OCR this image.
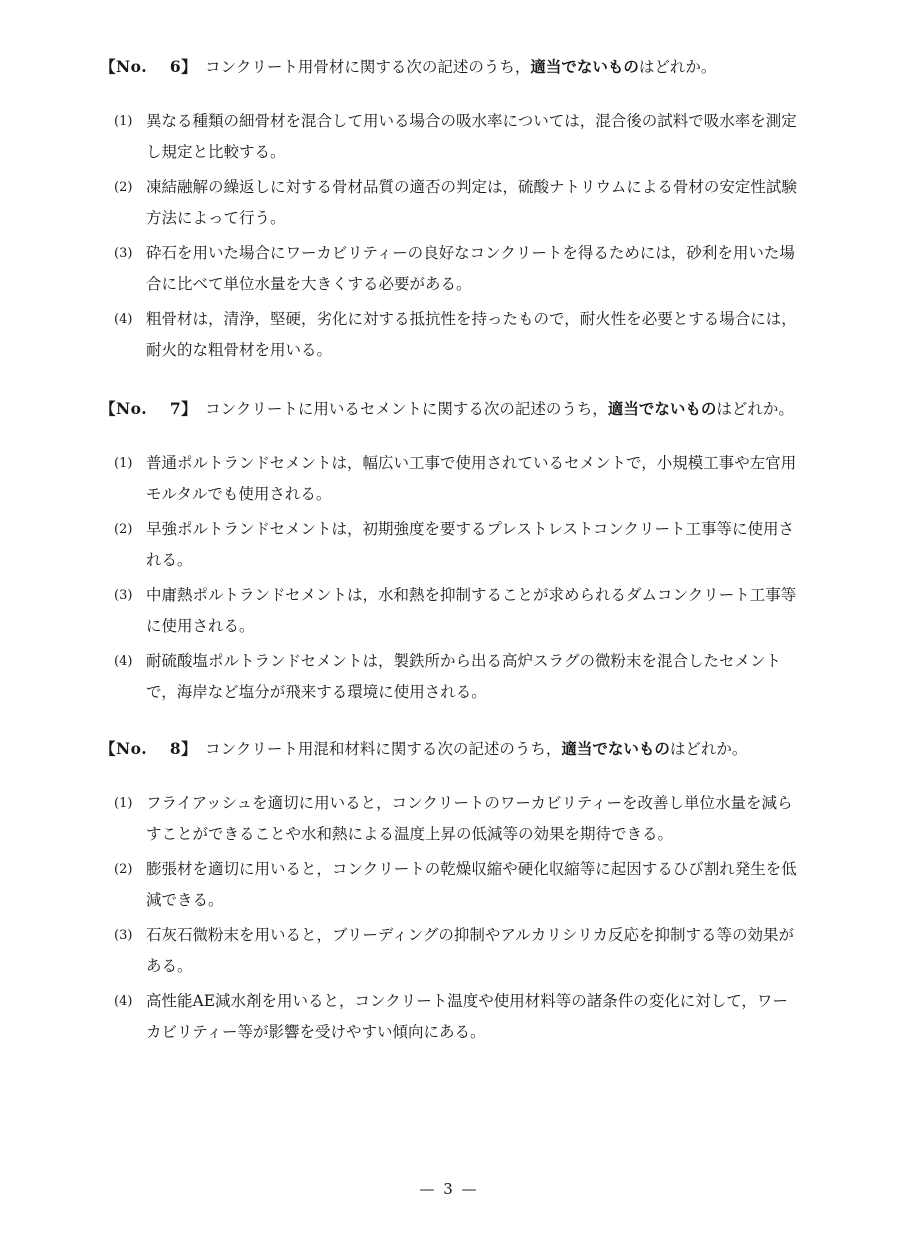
【No. 6】 コンクリート用骨材に関する次の記述のうち，適当でないものはどれか。
(1) 異なる種類の細骨材を混合して用いる場合の吸水率については，混合後の試料で吸水率を測定し規定と比較する。
(2) 凍結融解の繰返しに対する骨材品質の適否の判定は，硫酸ナトリウムによる骨材の安定性試験方法によって行う。
(3) 砕石を用いた場合にワーカビリティーの良好なコンクリートを得るためには，砂利を用いた場合に比べて単位水量を大きくする必要がある。
(4) 粗骨材は，清浄，堅硬，劣化に対する抵抗性を持ったもので，耐火性を必要とする場合には，耐火的な粗骨材を用いる。
【No. 7】 コンクリートに用いるセメントに関する次の記述のうち，適当でないものはどれか。
(1) 普通ポルトランドセメントは，幅広い工事で使用されているセメントで，小規模工事や左官用モルタルでも使用される。
(2) 早強ポルトランドセメントは，初期強度を要するプレストレストコンクリート工事等に使用される。
(3) 中庸熱ポルトランドセメントは，水和熱を抑制することが求められるダムコンクリート工事等に使用される。
(4) 耐硫酸塩ポルトランドセメントは，製鉄所から出る高炉スラグの微粉末を混合したセメントで，海岸など塩分が飛来する環境に使用される。
【No. 8】 コンクリート用混和材料に関する次の記述のうち，適当でないものはどれか。
(1) フライアッシュを適切に用いると，コンクリートのワーカビリティーを改善し単位水量を減らすことができることや水和熱による温度上昇の低減等の効果を期待できる。
(2) 膨張材を適切に用いると，コンクリートの乾燥収縮や硬化収縮等に起因するひび割れ発生を低減できる。
(3) 石灰石微粉末を用いると，ブリーディングの抑制やアルカリシリカ反応を抑制する等の効果がある。
(4) 高性能AE減水剤を用いると，コンクリート温度や使用材料等の諸条件の変化に対して，ワーカビリティー等が影響を受けやすい傾向にある。
— 3 —
